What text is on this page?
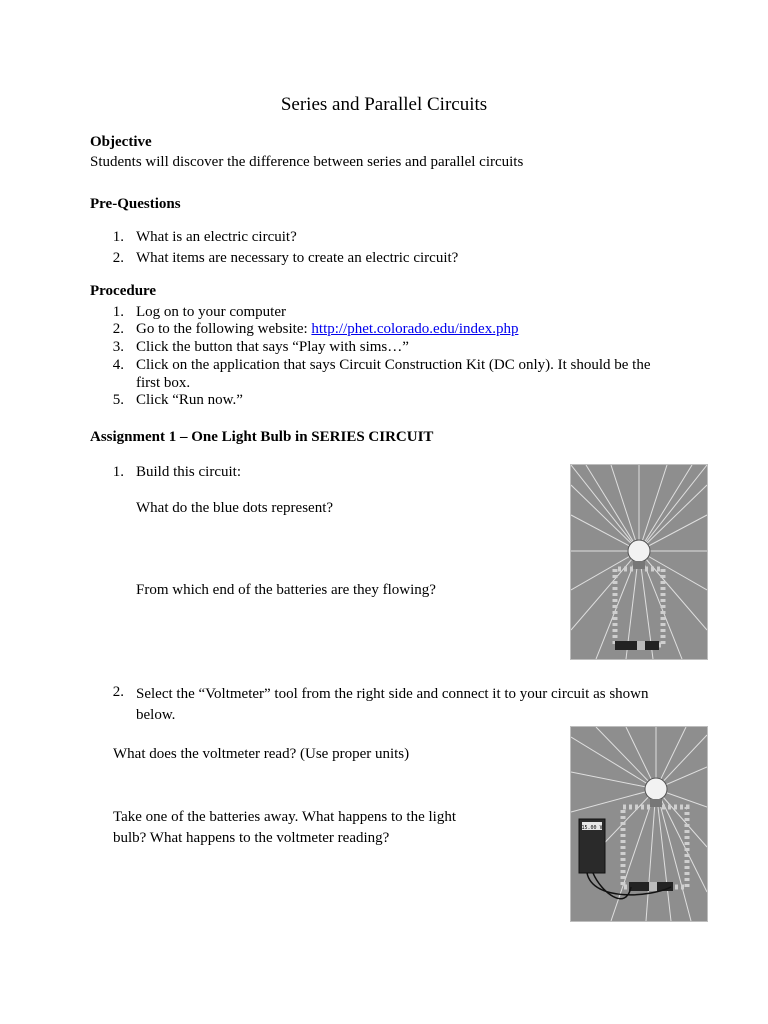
Series and Parallel Circuits
Objective
Students will discover the difference between series and parallel circuits
Pre-Questions
1. What is an electric circuit?
2. What items are necessary to create an electric circuit?
Procedure
1. Log on to your computer
2. Go to the following website: http://phet.colorado.edu/index.php
3. Click the button that says “Play with sims…”
4. Click on the application that says Circuit Construction Kit (DC only). It should be the first box.
5. Click “Run now.”
Assignment 1 – One Light Bulb in SERIES CIRCUIT
1. Build this circuit:
What do the blue dots represent?
From which end of the batteries are they flowing?
2. Select the “Voltmeter” tool from the right side and connect it to your circuit as shown below.
What does the voltmeter read? (Use proper units)
Take one of the batteries away. What happens to the light bulb? What happens to the voltmeter reading?
15.00 V
